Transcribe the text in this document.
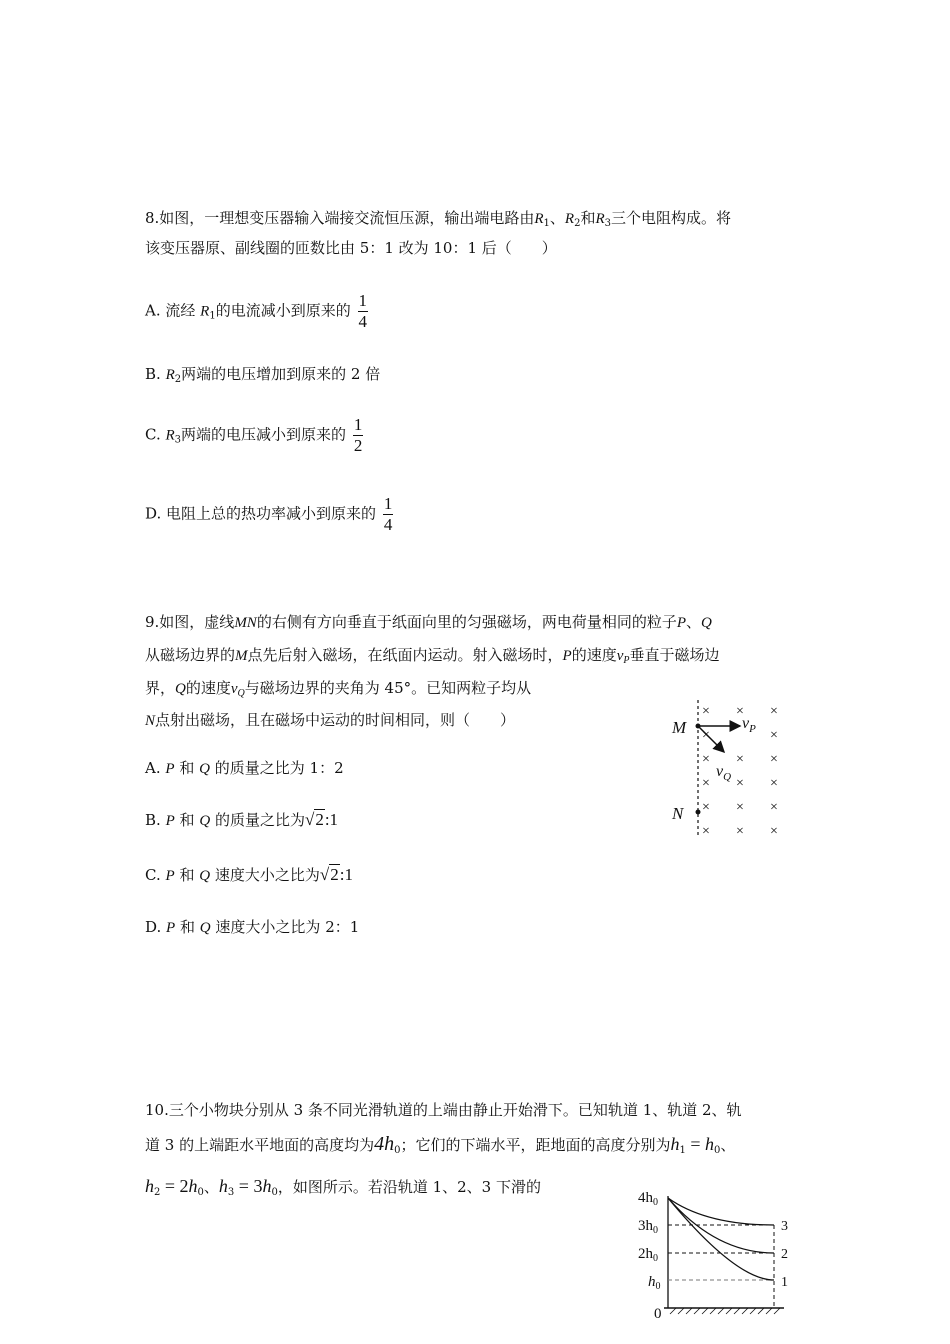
8.如图，一理想变压器输入端接交流恒压源，输出端电路由$R_1$、$R_2$和$R_3$三个电阻构成。将
该变压器原、副线圈的匝数比由 5：1 改为 10：1 后（　　）
A. 流经 $R_1$的电流减小到原来的 $\frac{1}{4}$
B. $R_2$两端的电压增加到原来的 2 倍
C. $R_3$两端的电压减小到原来的 $\frac{1}{2}$
D. 电阻上总的热功率减小到原来的 $\frac{1}{4}$
9.如图，虚线MN的右侧有方向垂直于纸面向里的匀强磁场，两电荷量相同的粒子P、Q
从磁场边界的M点先后射入磁场，在纸面内运动。射入磁场时，P的速度$v_P$垂直于磁场边
界，Q的速度$v_Q$与磁场边界的夹角为 45°。已知两粒子均从
N点射出磁场，且在磁场中运动的时间相同，则（　　）
A. P 和 Q 的质量之比为 1：2
B. P 和 Q 的质量之比为√2:1
C. P 和 Q 速度大小之比为√2:1
D. P 和 Q 速度大小之比为 2：1
× × ×
×	×
× ×
×
× × ×
× × ×
× × ×
M
N
$v_P$
$v_Q$
10.三个小物块分别从 3 条不同光滑轨道的上端由静止开始滑下。已知轨道 1、轨道 2、轨
道 3 的上端距水平地面的高度均为$4h_0$；它们的下端水平，距地面的高度分别为$h_1 = h_0$、
$h_2 = 2h_0$、$h_3 = 3h_0$，如图所示。若沿轨道 1、2、3 下滑的
$4h_0$
$3h_0$
$2h_0$
$h_0$
0
3
2
1
